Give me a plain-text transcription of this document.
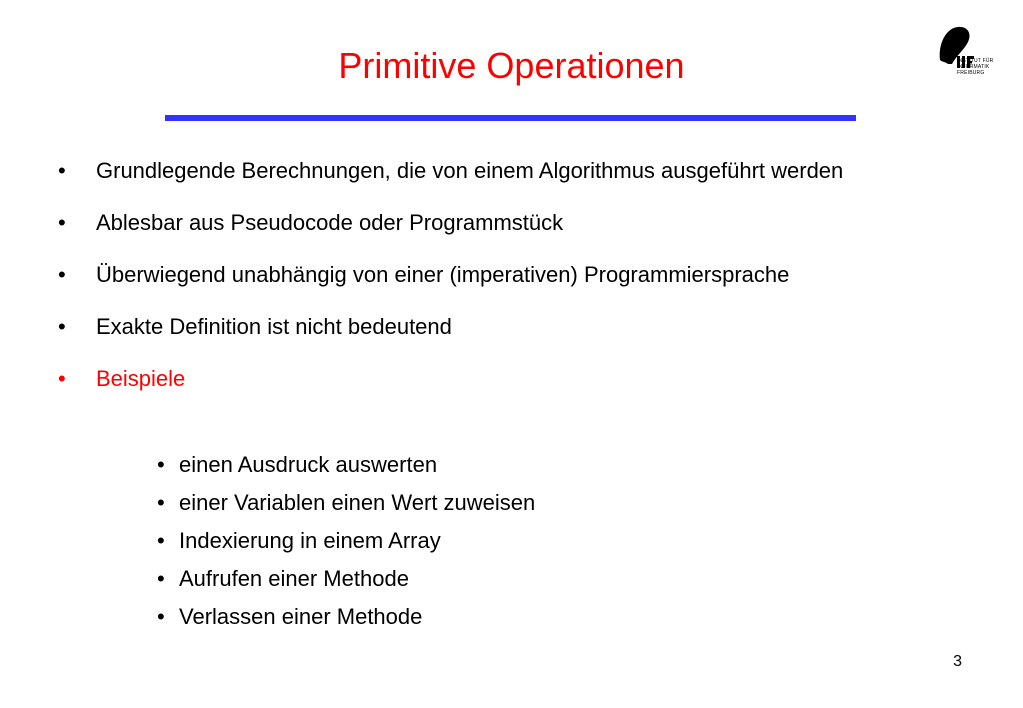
Primitive Operationen	INSTITUT FÜR
INFORMATIK
FREIBURG
• Grundlegende Berechnungen, die von einem Algorithmus ausgeführt werden
• Ablesbar aus Pseudocode oder Programmstück
• Überwiegend unabhängig von einer (imperativen) Programmiersprache
• Exakte Definition ist nicht bedeutend
• Beispiele
• einen Ausdruck auswerten
• einer Variablen einen Wert zuweisen
• Indexierung in einem Array
• Aufrufen einer Methode
• Verlassen einer Methode
3
